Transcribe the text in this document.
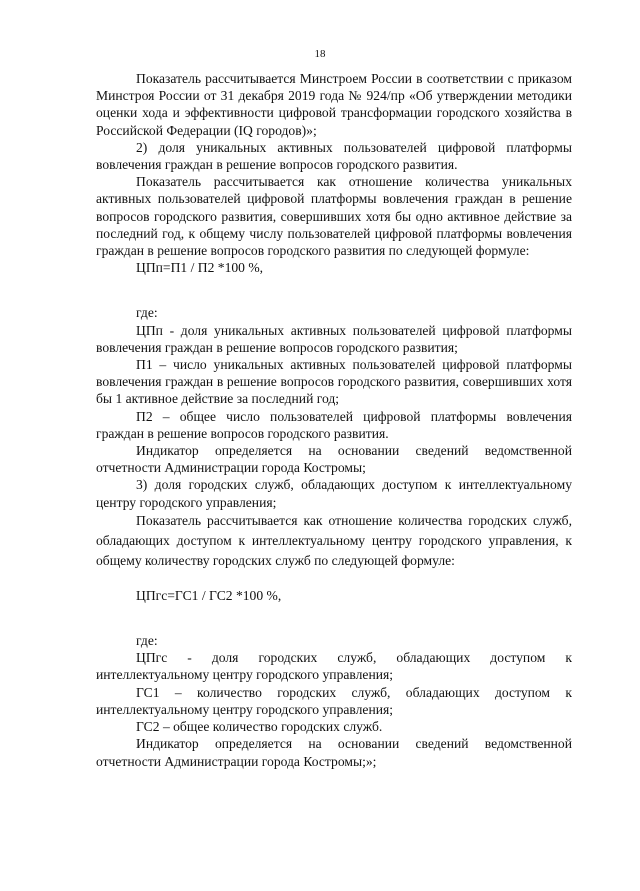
18

Показатель рассчитывается Минстроем России в соответствии с приказом Минстроя России от 31 декабря 2019 года № 924/пр «Об утверждении методики оценки хода и эффективности цифровой трансформации городского хозяйства в Российской Федерации (IQ городов)»;

2) доля уникальных активных пользователей цифровой платформы вовлечения граждан в решение вопросов городского развития.

Показатель рассчитывается как отношение количества уникальных активных пользователей цифровой платформы вовлечения граждан в решение вопросов городского развития, совершивших хотя бы одно активное действие за последний год, к общему числу пользователей цифровой платформы вовлечения граждан в решение вопросов городского развития по следующей формуле:

ЦПп=П1 / П2 *100 %,

где:

ЦПп - доля уникальных активных пользователей цифровой платформы вовлечения граждан в решение вопросов городского развития;

П1 – число уникальных активных пользователей цифровой платформы вовлечения граждан в решение вопросов городского развития, совершивших хотя бы 1 активное действие за последний год;

П2 – общее число пользователей цифровой платформы вовлечения граждан в решение вопросов городского развития.

Индикатор определяется на основании сведений ведомственной отчетности Администрации города Костромы;

3) доля городских служб, обладающих доступом к интеллектуальному центру городского управления;

Показатель рассчитывается как отношение количества городских служб, обладающих доступом к интеллектуальному центру городского управления, к общему количеству городских служб по следующей формуле:

ЦПгс=ГС1 / ГС2 *100 %,

где:

ЦПгс - доля городских служб, обладающих доступом к интеллектуальному центру городского управления;

ГС1 – количество городских служб, обладающих доступом к интеллектуальному центру городского управления;

ГС2 – общее количество городских служб.

Индикатор определяется на основании сведений ведомственной отчетности Администрации города Костромы;»;
